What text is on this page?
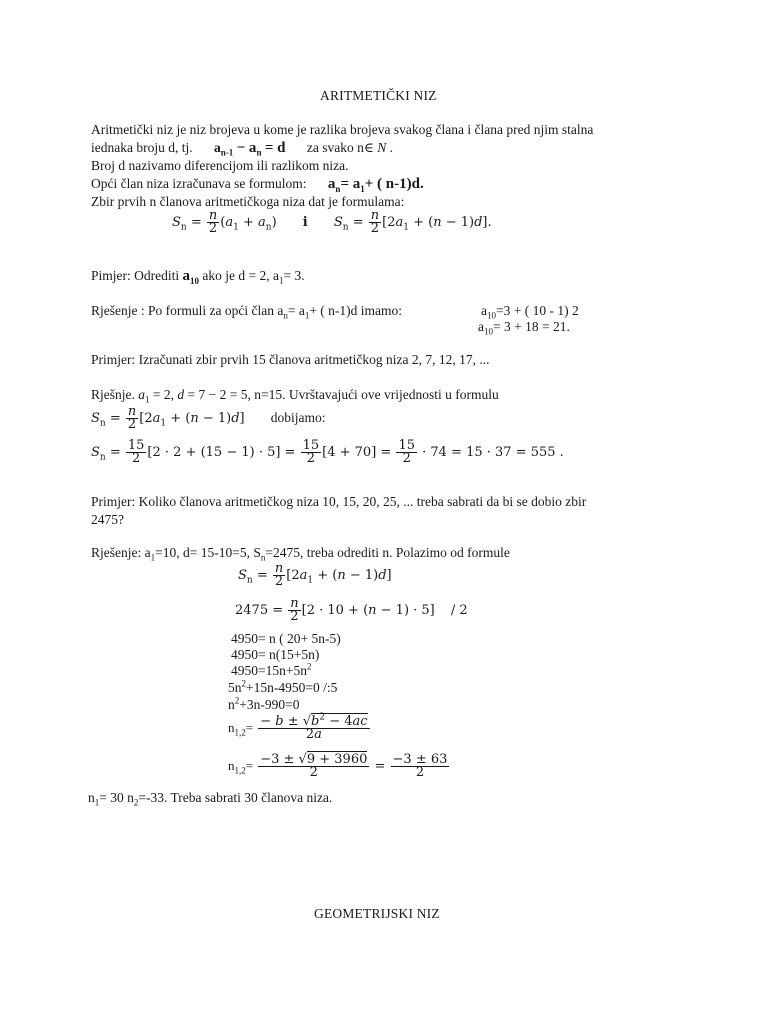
ARITMETIČKI NIZ
Aritmetički niz je niz brojeva u kome je razlika brojeva svakog člana i člana pred njim stalna
iednaka broju d, tj. $a_{n-1} - a_n = d$ za svako n∈ N .
Broj d nazivamo diferencijom ili razlikom niza.
Opći član niza izračunava se formulom: $a_n= a_1+$ ( n-1)d.
Zbir prvih n članova aritmetičkoga niza dat je formulama:
$S_n = \frac{n}{2} (a_1 + a_n)$ i $S_n = \frac{n}{2} [2a_1 + (n - 1)d]$.
Pimjer: Odrediti $a_{10}$ ako je d = 2, $a_1= 3$.
Rješenje : Po formuli za opći član $a_n= a_1+$ ( n-1)d imamo:	$a_{10}=3$ + ( 10 - 1) 2
$a_{10}= 3 + 18 = 21$.
Primjer: Izračunati zbir prvih 15 članova aritmetičkog niza 2, 7, 12, 17, ...
Rješnje. $a_1 = 2$, d = 7 − 2 = 5, n=15. Uvrštavajući ove vrijednosti u formulu
$S_n = \frac{n}{2} [2a_1 + (n - 1)d]$ dobijamo:
$S_n = \frac{15}{2} [2 \cdot 2 + (15 - 1) \cdot 5] = \frac{15}{2} [4 + 70] = \frac{15}{2} \cdot 74 = 15 \cdot 37 = 555$ .
Primjer: Koliko članova aritmetičkog niza 10, 15, 20, 25, ... treba sabrati da bi se dobio zbir
2475?
Rješenje: $a_1=10$, d= 15-10=5, $S_n=2475$, treba odrediti n. Polazimo od formule
$S_n = \frac{n}{2} [2a_1 + (n - 1)d]$
$2475 = \frac{n}{2} [2 \cdot 10 + (n - 1) \cdot 5] / 2$
4950= n ( 20+ 5n-5)
4950= n(15+5n)
$4950=15n+5n^2$
$5n^2+15n-4950=0$ /:5
$n^2+3n-990=0$
$n_{1,2}= \frac{- b \pm √b^2 - 4ac}{2a}$
$n_{1,2}= \frac{-3 \pm √9 + 3960}{2} = \frac{-3 \pm 63}{2}$
$n_1= 30$ $n_2=-33$. Treba sabrati 30 članova niza.
GEOMETRIJSKI NIZ
